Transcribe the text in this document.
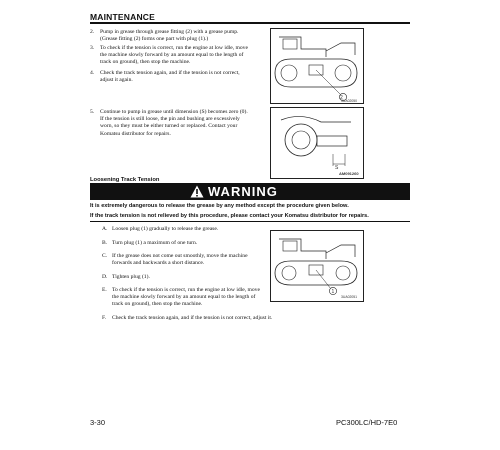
MAINTENANCE
2. Pump in grease through grease fitting (2) with a grease pump. (Grease fitting (2) forms one part with plug (1).)
3. To check if the tension is correct, run the engine at low idle, move the machine slowly forward by an amount equal to the length of track on ground), then stop the machine.
4. Check the track tension again, and if the tension is not correct, adjust it again.
5. Continue to pump in grease until dimension (S) becomes zero (0). If the tension is still loose, the pin and bushing are excessively worn, so they must be either turned or replaced. Contact your Komatsu distributor for repairs.
2
3UA02050
S
AM091260
Loosening Track Tension
WARNING
It is extremely dangerous to release the grease by any method except the procedure given below.
If the track tension is not relieved by this procedure, please contact your Komatsu distributor for repairs.
A. Loosen plug (1) gradually to release the grease.
B. Turn plug (1) a maximum of one turn.
C. If the grease does not come out smoothly, move the machine forwards and backwards a short distance.
D. Tighten plug (1).
E. To check if the tension is correct, run the engine at low idle, move the machine slowly forward by an amount equal to the length of track on ground), then stop the machine.
F. Check the track tension again, and if the tension is not correct, adjust it.
1
3UA02051
3-30	PC300LC/HD-7E0
